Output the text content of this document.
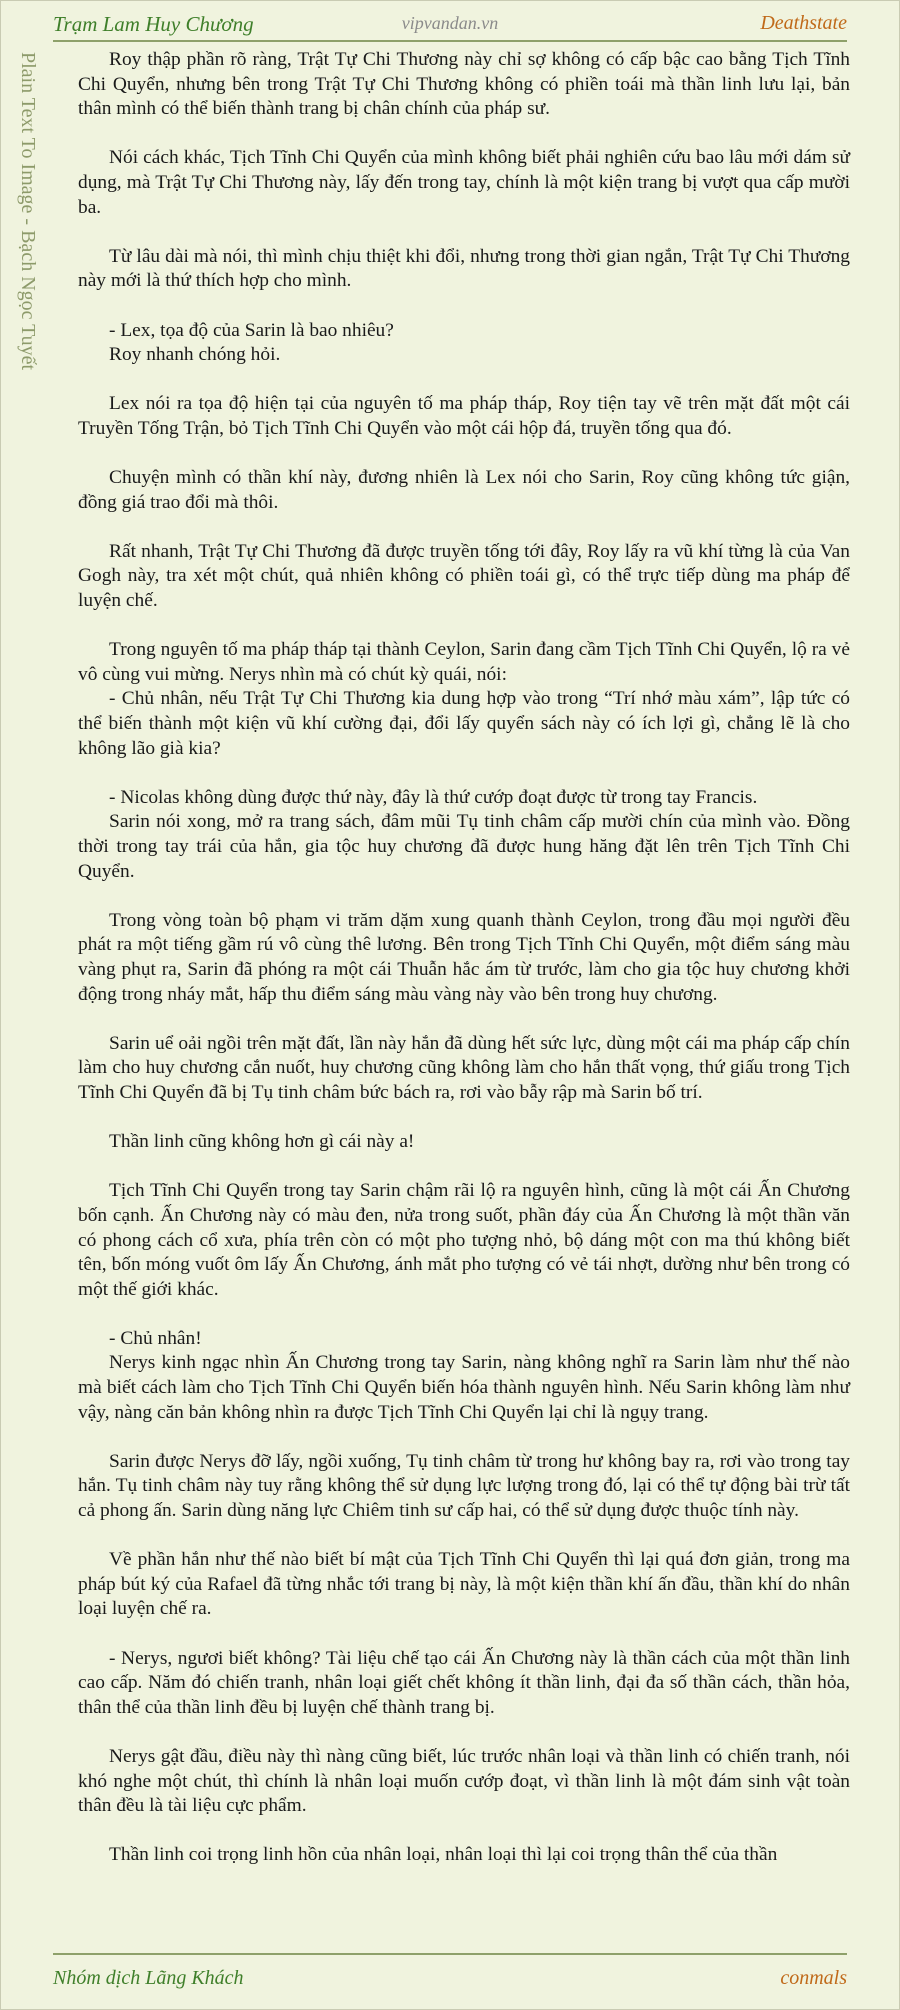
Trạm Lam Huy Chương	vipvandan.vn	Deathstate
Plain Text To Image - Bạch Ngọc Tuyết	Roy thập phần rõ ràng, Trật Tự Chi Thương này chỉ sợ không có cấp bậc cao bằng Tịch Tĩnh Chi Quyển, nhưng bên trong Trật Tự Chi Thương không có phiền toái mà thần linh lưu lại, bản thân mình có thể biến thành trang bị chân chính của pháp sư.

Nói cách khác, Tịch Tĩnh Chi Quyển của mình không biết phải nghiên cứu bao lâu mới dám sử dụng, mà Trật Tự Chi Thương này, lấy đến trong tay, chính là một kiện trang bị vượt qua cấp mười ba.

Từ lâu dài mà nói, thì mình chịu thiệt khi đổi, nhưng trong thời gian ngắn, Trật Tự Chi Thương này mới là thứ thích hợp cho mình.

- Lex, tọa độ của Sarin là bao nhiêu?

Roy nhanh chóng hỏi.

Lex nói ra tọa độ hiện tại của nguyên tố ma pháp tháp, Roy tiện tay vẽ trên mặt đất một cái Truyền Tống Trận, bỏ Tịch Tĩnh Chi Quyển vào một cái hộp đá, truyền tống qua đó.

Chuyện mình có thần khí này, đương nhiên là Lex nói cho Sarin, Roy cũng không tức giận, đồng giá trao đổi mà thôi.

Rất nhanh, Trật Tự Chi Thương đã được truyền tống tới đây, Roy lấy ra vũ khí từng là của Van Gogh này, tra xét một chút, quả nhiên không có phiền toái gì, có thể trực tiếp dùng ma pháp để luyện chế.

Trong nguyên tố ma pháp tháp tại thành Ceylon, Sarin đang cầm Tịch Tĩnh Chi Quyển, lộ ra vẻ vô cùng vui mừng. Nerys nhìn mà có chút kỳ quái, nói:

- Chủ nhân, nếu Trật Tự Chi Thương kia dung hợp vào trong “Trí nhớ màu xám”, lập tức có thể biến thành một kiện vũ khí cường đại, đổi lấy quyển sách này có ích lợi gì, chẳng lẽ là cho không lão già kia?

- Nicolas không dùng được thứ này, đây là thứ cướp đoạt được từ trong tay Francis.

Sarin nói xong, mở ra trang sách, đâm mũi Tụ tinh châm cấp mười chín của mình vào. Đồng thời trong tay trái của hắn, gia tộc huy chương đã được hung hăng đặt lên trên Tịch Tĩnh Chi Quyển.

Trong vòng toàn bộ phạm vi trăm dặm xung quanh thành Ceylon, trong đầu mọi người đều phát ra một tiếng gầm rú vô cùng thê lương. Bên trong Tịch Tĩnh Chi Quyển, một điểm sáng màu vàng phụt ra, Sarin đã phóng ra một cái Thuẫn hắc ám từ trước, làm cho gia tộc huy chương khởi động trong nháy mắt, hấp thu điểm sáng màu vàng này vào bên trong huy chương.

Sarin uể oải ngồi trên mặt đất, lần này hắn đã dùng hết sức lực, dùng một cái ma pháp cấp chín làm cho huy chương cắn nuốt, huy chương cũng không làm cho hắn thất vọng, thứ giấu trong Tịch Tĩnh Chi Quyển đã bị Tụ tinh châm bức bách ra, rơi vào bẫy rập mà Sarin bố trí.

Thần linh cũng không hơn gì cái này a!

Tịch Tĩnh Chi Quyển trong tay Sarin chậm rãi lộ ra nguyên hình, cũng là một cái Ấn Chương bốn cạnh. Ấn Chương này có màu đen, nửa trong suốt, phần đáy của Ấn Chương là một thần văn có phong cách cổ xưa, phía trên còn có một pho tượng nhỏ, bộ dáng một con ma thú không biết tên, bốn móng vuốt ôm lấy Ấn Chương, ánh mắt pho tượng có vẻ tái nhợt, dường như bên trong có một thế giới khác.

- Chủ nhân!

Nerys kinh ngạc nhìn Ấn Chương trong tay Sarin, nàng không nghĩ ra Sarin làm như thế nào mà biết cách làm cho Tịch Tĩnh Chi Quyển biến hóa thành nguyên hình. Nếu Sarin không làm như vậy, nàng căn bản không nhìn ra được Tịch Tĩnh Chi Quyển lại chỉ là ngụy trang.

Sarin được Nerys đỡ lấy, ngồi xuống, Tụ tinh châm từ trong hư không bay ra, rơi vào trong tay hắn. Tụ tinh châm này tuy rằng không thể sử dụng lực lượng trong đó, lại có thể tự động bài trừ tất cả phong ấn. Sarin dùng năng lực Chiêm tinh sư cấp hai, có thể sử dụng được thuộc tính này.

Về phần hắn như thế nào biết bí mật của Tịch Tĩnh Chi Quyển thì lại quá đơn giản, trong ma pháp bút ký của Rafael đã từng nhắc tới trang bị này, là một kiện thần khí ấn đầu, thần khí do nhân loại luyện chế ra.

- Nerys, ngươi biết không? Tài liệu chế tạo cái Ấn Chương này là thần cách của một thần linh cao cấp. Năm đó chiến tranh, nhân loại giết chết không ít thần linh, đại đa số thần cách, thần hỏa, thân thể của thần linh đều bị luyện chế thành trang bị.

Nerys gật đầu, điều này thì nàng cũng biết, lúc trước nhân loại và thần linh có chiến tranh, nói khó nghe một chút, thì chính là nhân loại muốn cướp đoạt, vì thần linh là một đám sinh vật toàn thân đều là tài liệu cực phẩm.

Thần linh coi trọng linh hồn của nhân loại, nhân loại thì lại coi trọng thân thể của thần

Nhóm dịch Lãng Khách	conmals
